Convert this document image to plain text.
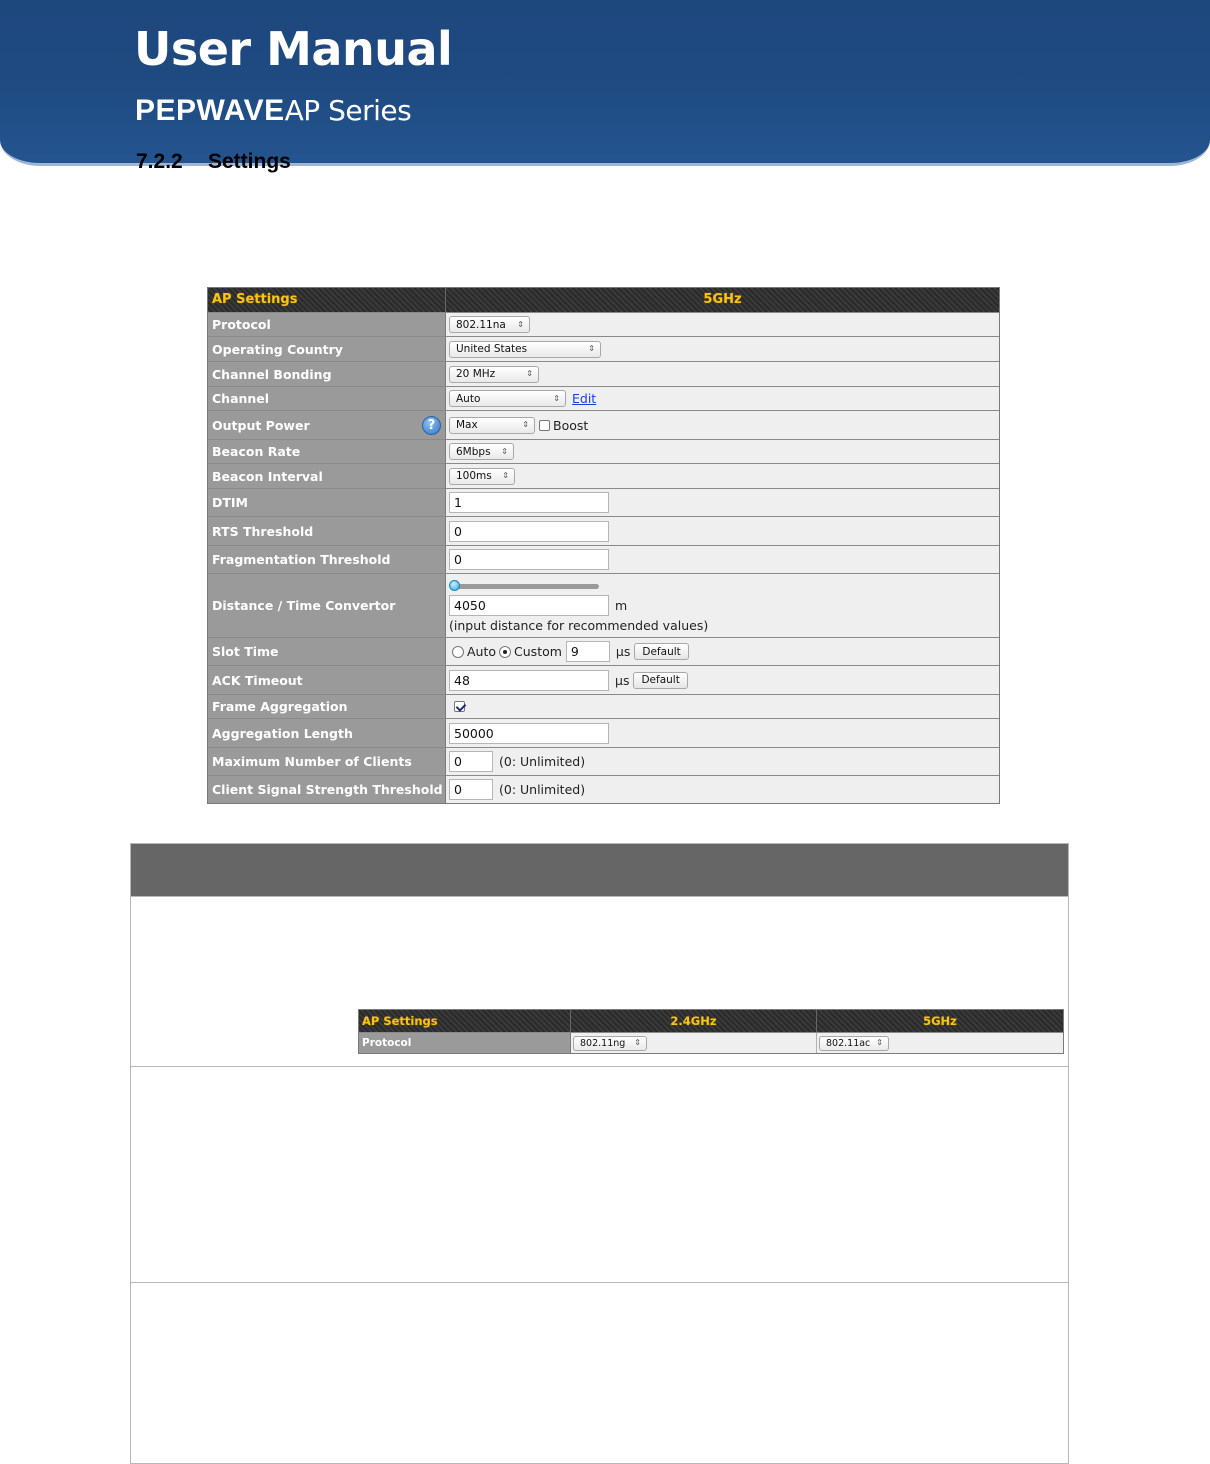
User Manual
PEPWAVEAP Series
7.2.2 Settings
AP Settings	5GHz
Protocol	802.11na ⇕
Operating Country	United States	⇕
Channel Bonding	20 MHz	⇕
Channel	Auto	⇕ Edit
Output Power	?	Max	⇕ Boost
Beacon Rate	6Mbps ⇕
Beacon Interval	100ms ⇕
DTIM	1
RTS Threshold	0
Fragmentation Threshold	0
Distance / Time Convertor	4050	m
(input distance for recommended values)
Slot Time	Auto Custom 9	μs	Default
ACK Timeout	48	μs	Default
Frame Aggregation
Aggregation Length	50000
Maximum Number of Clients	0	(0: Unlimited)
Client Signal Strength Threshold 0	(0: Unlimited)
AP Settings	2.4GHz	5GHz
Protocol	802.11ng ⇕	802.11ac ⇕
